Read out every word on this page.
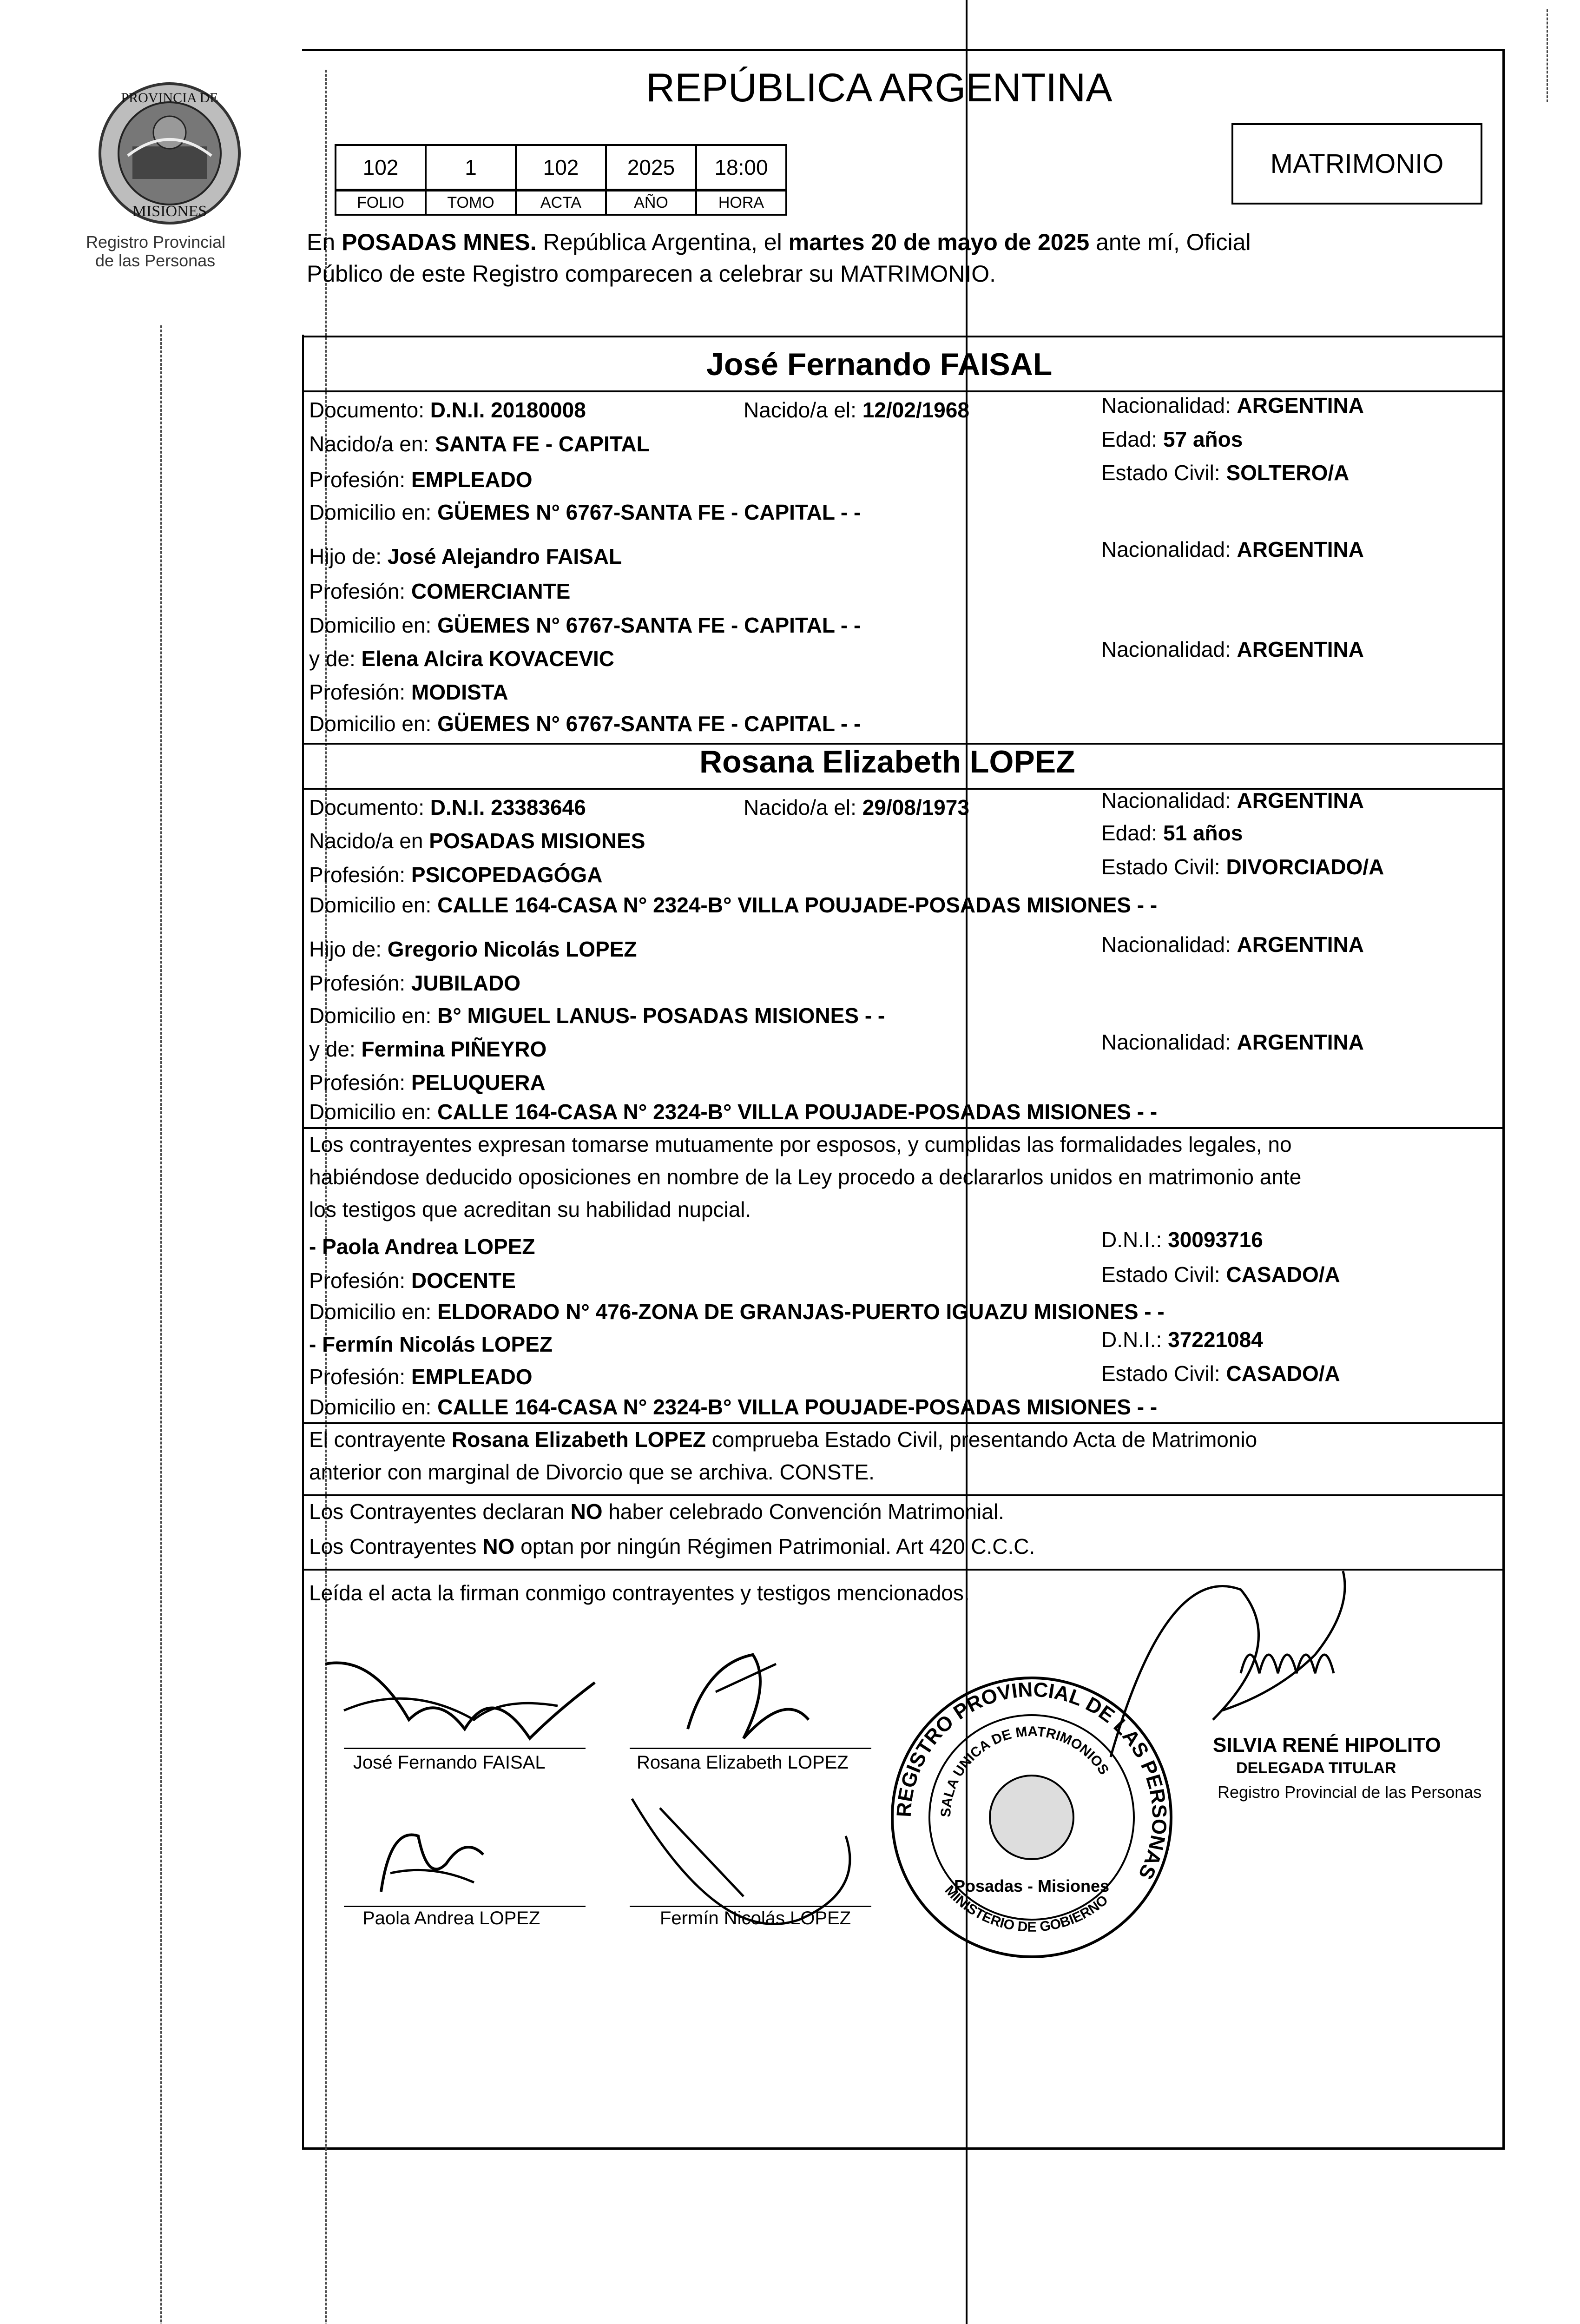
PROVINCIA DE
MISIONES
Registro Provincial
de las Personas
REPÚBLICA ARGENTINA
102	1	102	2025	18:00
FOLIO	TOMO	ACTA	AÑO	HORA
MATRIMONIO
En POSADAS MNES. República Argentina, el martes 20 de mayo de 2025 ante mí, Oficial
Público de este Registro comparecen a celebrar su MATRIMONIO.
José Fernando FAISAL
Documento: D.N.I. 20180008	Nacido/a el: 12/02/1968	Nacionalidad: ARGENTINA
Nacido/a en: SANTA FE - CAPITAL	Edad: 57 años
Profesión: EMPLEADO	Estado Civil: SOLTERO/A
Domicilio en: GÜEMES N° 6767-SANTA FE - CAPITAL - -
Hijo de: José Alejandro FAISAL	Nacionalidad: ARGENTINA
Profesión: COMERCIANTE
Domicilio en: GÜEMES N° 6767-SANTA FE - CAPITAL - -
y de: Elena Alcira KOVACEVIC	Nacionalidad: ARGENTINA
Profesión: MODISTA
Domicilio en: GÜEMES N° 6767-SANTA FE - CAPITAL - -
Rosana Elizabeth LOPEZ
Documento: D.N.I. 23383646	Nacido/a el: 29/08/1973	Nacionalidad: ARGENTINA
Nacido/a en POSADAS MISIONES	Edad: 51 años
Profesión: PSICOPEDAGÓGA	Estado Civil: DIVORCIADO/A
Domicilio en: CALLE 164-CASA N° 2324-B° VILLA POUJADE-POSADAS MISIONES - -
Hijo de: Gregorio Nicolás LOPEZ	Nacionalidad: ARGENTINA
Profesión: JUBILADO
Domicilio en: B° MIGUEL LANUS- POSADAS MISIONES - -
y de: Fermina PIÑEYRO	Nacionalidad: ARGENTINA
Profesión: PELUQUERA
Domicilio en: CALLE 164-CASA N° 2324-B° VILLA POUJADE-POSADAS MISIONES - -
Los contrayentes expresan tomarse mutuamente por esposos, y cumplidas las formalidades legales, no
habiéndose deducido oposiciones en nombre de la Ley procedo a declararlos unidos en matrimonio ante
los testigos que acreditan su habilidad nupcial.
- Paola Andrea LOPEZ	D.N.I.: 30093716
Profesión: DOCENTE	Estado Civil: CASADO/A
Domicilio en: ELDORADO N° 476-ZONA DE GRANJAS-PUERTO IGUAZU MISIONES - -
- Fermín Nicolás LOPEZ	D.N.I.: 37221084
Profesión: EMPLEADO	Estado Civil: CASADO/A
Domicilio en: CALLE 164-CASA N° 2324-B° VILLA POUJADE-POSADAS MISIONES - -
El contrayente Rosana Elizabeth LOPEZ comprueba Estado Civil, presentando Acta de Matrimonio
anterior con marginal de Divorcio que se archiva. CONSTE.
Los Contrayentes declaran NO haber celebrado Convención Matrimonial.
Los Contrayentes NO optan por ningún Régimen Patrimonial. Art 420 C.C.C.
Leída el acta la firman conmigo contrayentes y testigos mencionados.
José Fernando FAISAL	Rosana Elizabeth LOPEZ
Paola Andrea LOPEZ	Fermín Nicolás LOPEZ
REGISTRO PROVINCIAL DE LAS PERSONAS
SALA UNICA DE MATRIMONIOS
Posadas - Misiones
MINISTERIO DE GOBIERNO
SILVIA RENÉ HIPOLITO
DELEGADA TITULAR
Registro Provincial de las Personas
